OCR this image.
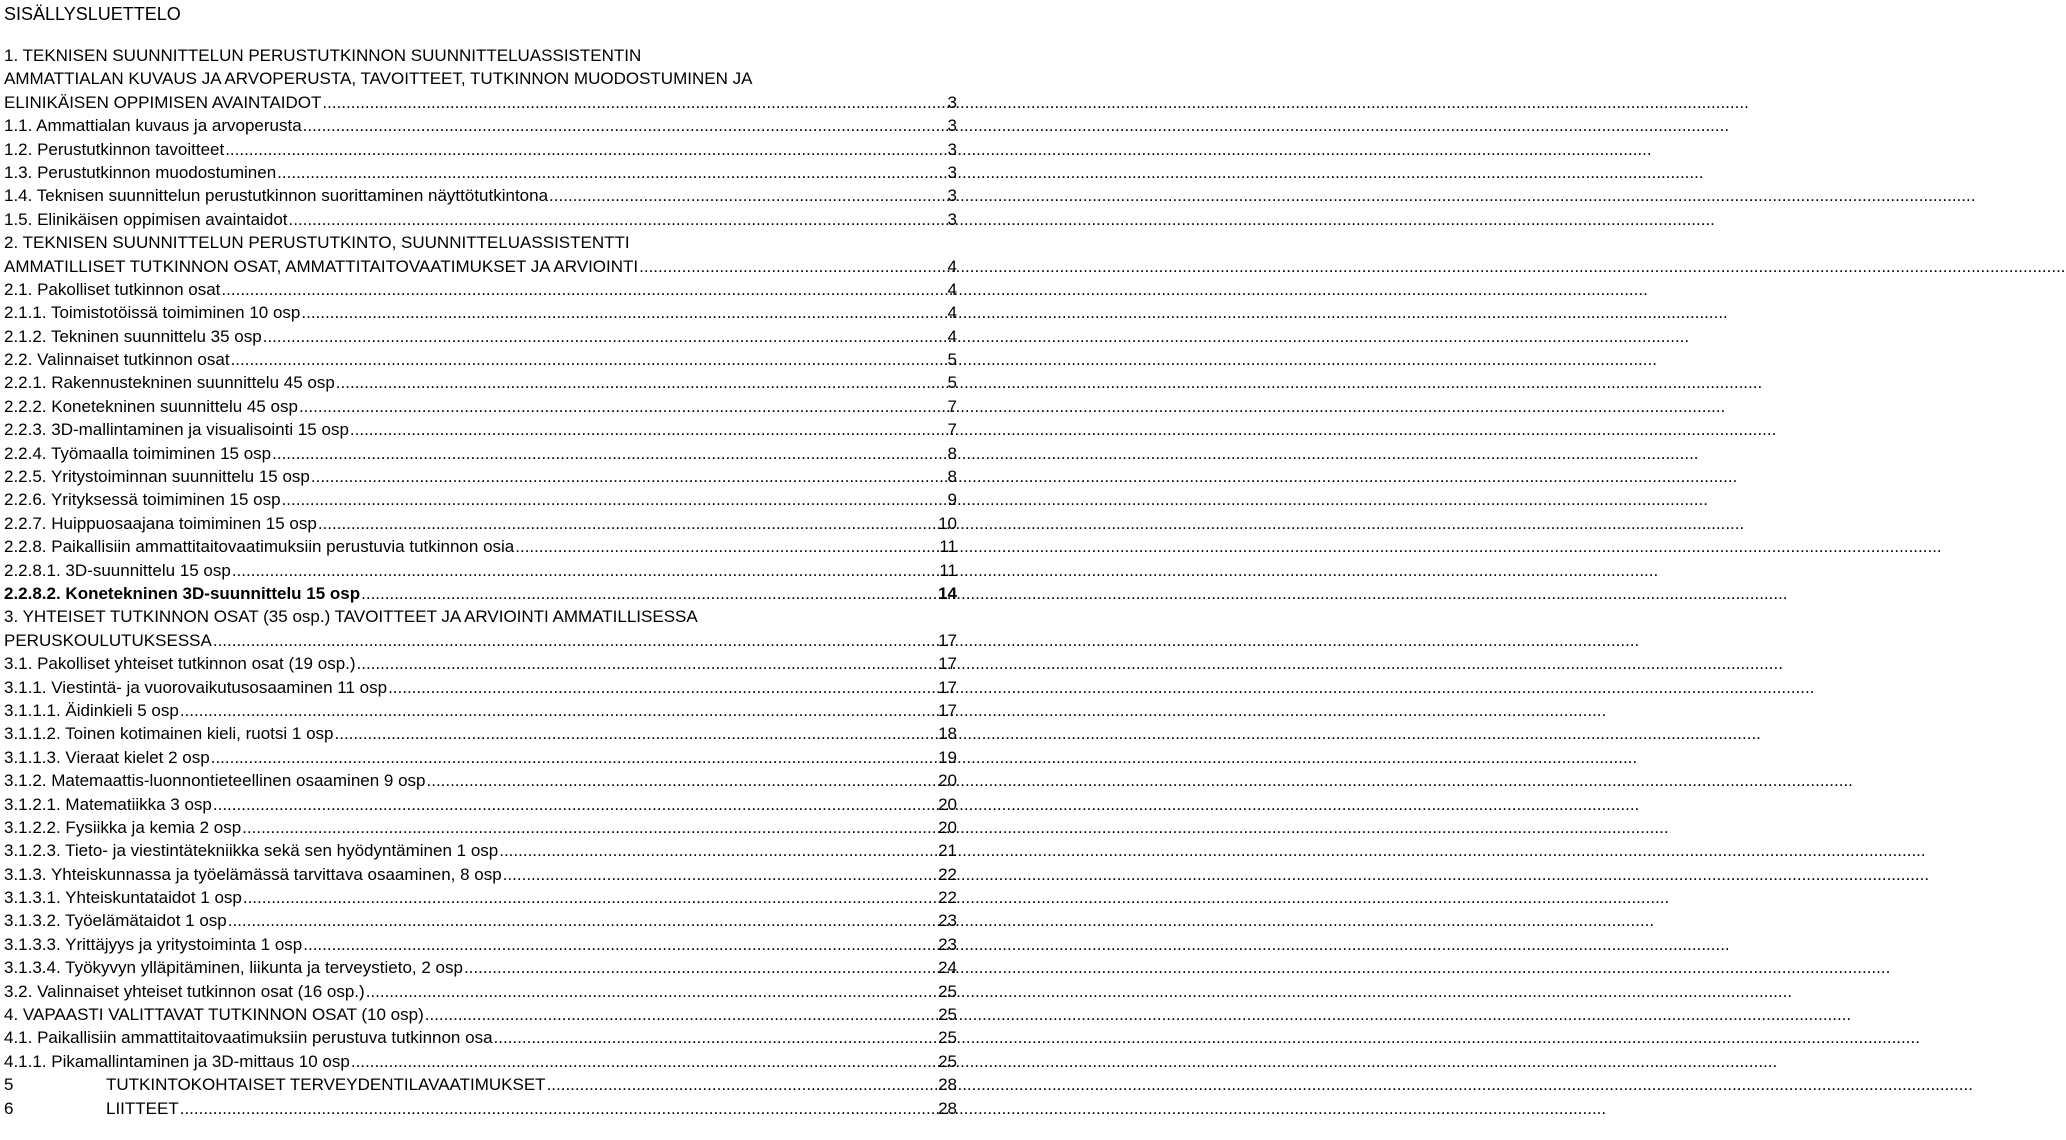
SISÄLLYSLUETTELO
1. TEKNISEN SUUNNITTELUN PERUSTUTKINNON SUUNNITTELUASSISTENTIN
AMMATTIALAN KUVAUS JA ARVOPERUSTA, TAVOITTEET, TUTKINNON MUODOSTUMINEN JA
ELINIKÄISEN OPPIMISEN AVAINTAIDOT .....	3
1.1. Ammattialan kuvaus ja arvoperusta .....	3
1.2. Perustutkinnon tavoitteet .....	3
1.3. Perustutkinnon muodostuminen .....	3
1.4. Teknisen suunnittelun perustutkinnon suorittaminen näyttötutkintona .....	3
1.5. Elinikäisen oppimisen avaintaidot .....	3
2. TEKNISEN SUUNNITTELUN PERUSTUTKINTO, SUUNNITTELUASSISTENTTI
AMMATILLISET TUTKINNON OSAT, AMMATTITAITOVAATIMUKSET JA ARVIOINTI .....	4
2.1. Pakolliset tutkinnon osat .....	4
2.1.1. Toimistotöissä toimiminen 10 osp .....	4
2.1.2. Tekninen suunnittelu 35 osp .....	4
2.2. Valinnaiset tutkinnon osat .....	5
2.2.1. Rakennustekninen suunnittelu 45 osp .....	5
2.2.2. Konetekninen suunnittelu 45 osp .....	7
2.2.3. 3D-mallintaminen ja visualisointi 15 osp .....	7
2.2.4. Työmaalla toimiminen 15 osp .....	8
2.2.5. Yritystoiminnan suunnittelu 15 osp .....	8
2.2.6. Yrityksessä toimiminen 15 osp .....	9
2.2.7. Huippuosaajana toimiminen 15 osp .....	10
2.2.8. Paikallisiin ammattitaitovaatimuksiin perustuvia tutkinnon osia .....	11
2.2.8.1. 3D-suunnittelu 15 osp .....	11
2.2.8.2. Konetekninen 3D-suunnittelu 15 osp .....	14
3. YHTEISET TUTKINNON OSAT (35 osp.) TAVOITTEET JA ARVIOINTI AMMATILLISESSA
PERUSKOULUTUKSESSA .....	17
3.1. Pakolliset yhteiset tutkinnon osat (19 osp.) .....	17
3.1.1. Viestintä- ja vuorovaikutusosaaminen 11 osp .....	17
3.1.1.1. Äidinkieli 5 osp .....	17
3.1.1.2. Toinen kotimainen kieli, ruotsi 1 osp .....	18
3.1.1.3. Vieraat kielet 2 osp .....	19
3.1.2. Matemaattis-luonnontieteellinen osaaminen 9 osp .....	20
3.1.2.1. Matematiikka 3 osp .....	20
3.1.2.2. Fysiikka ja kemia 2 osp .....	20
3.1.2.3. Tieto- ja viestintätekniikka sekä sen hyödyntäminen 1 osp .....	21
3.1.3. Yhteiskunnassa ja työelämässä tarvittava osaaminen, 8 osp .....	22
3.1.3.1. Yhteiskuntataidot 1 osp .....	22
3.1.3.2. Työelämätaidot 1 osp .....	23
3.1.3.3. Yrittäjyys ja yritystoiminta 1 osp .....	23
3.1.3.4. Työkyvyn ylläpitäminen, liikunta ja terveystieto, 2 osp .....	24
3.2. Valinnaiset yhteiset tutkinnon osat (16 osp.) .....	25
4. VAPAASTI VALITTAVAT TUTKINNON OSAT (10 osp) .....	25
4.1. Paikallisiin ammattitaitovaatimuksiin perustuva tutkinnon osa .....	25
4.1.1. Pikamallintaminen ja 3D-mittaus 10 osp .....	25
5	TUTKINTOKOHTAISET TERVEYDENTILAVAATIMUKSET .....	28
6	LIITTEET .....	28
